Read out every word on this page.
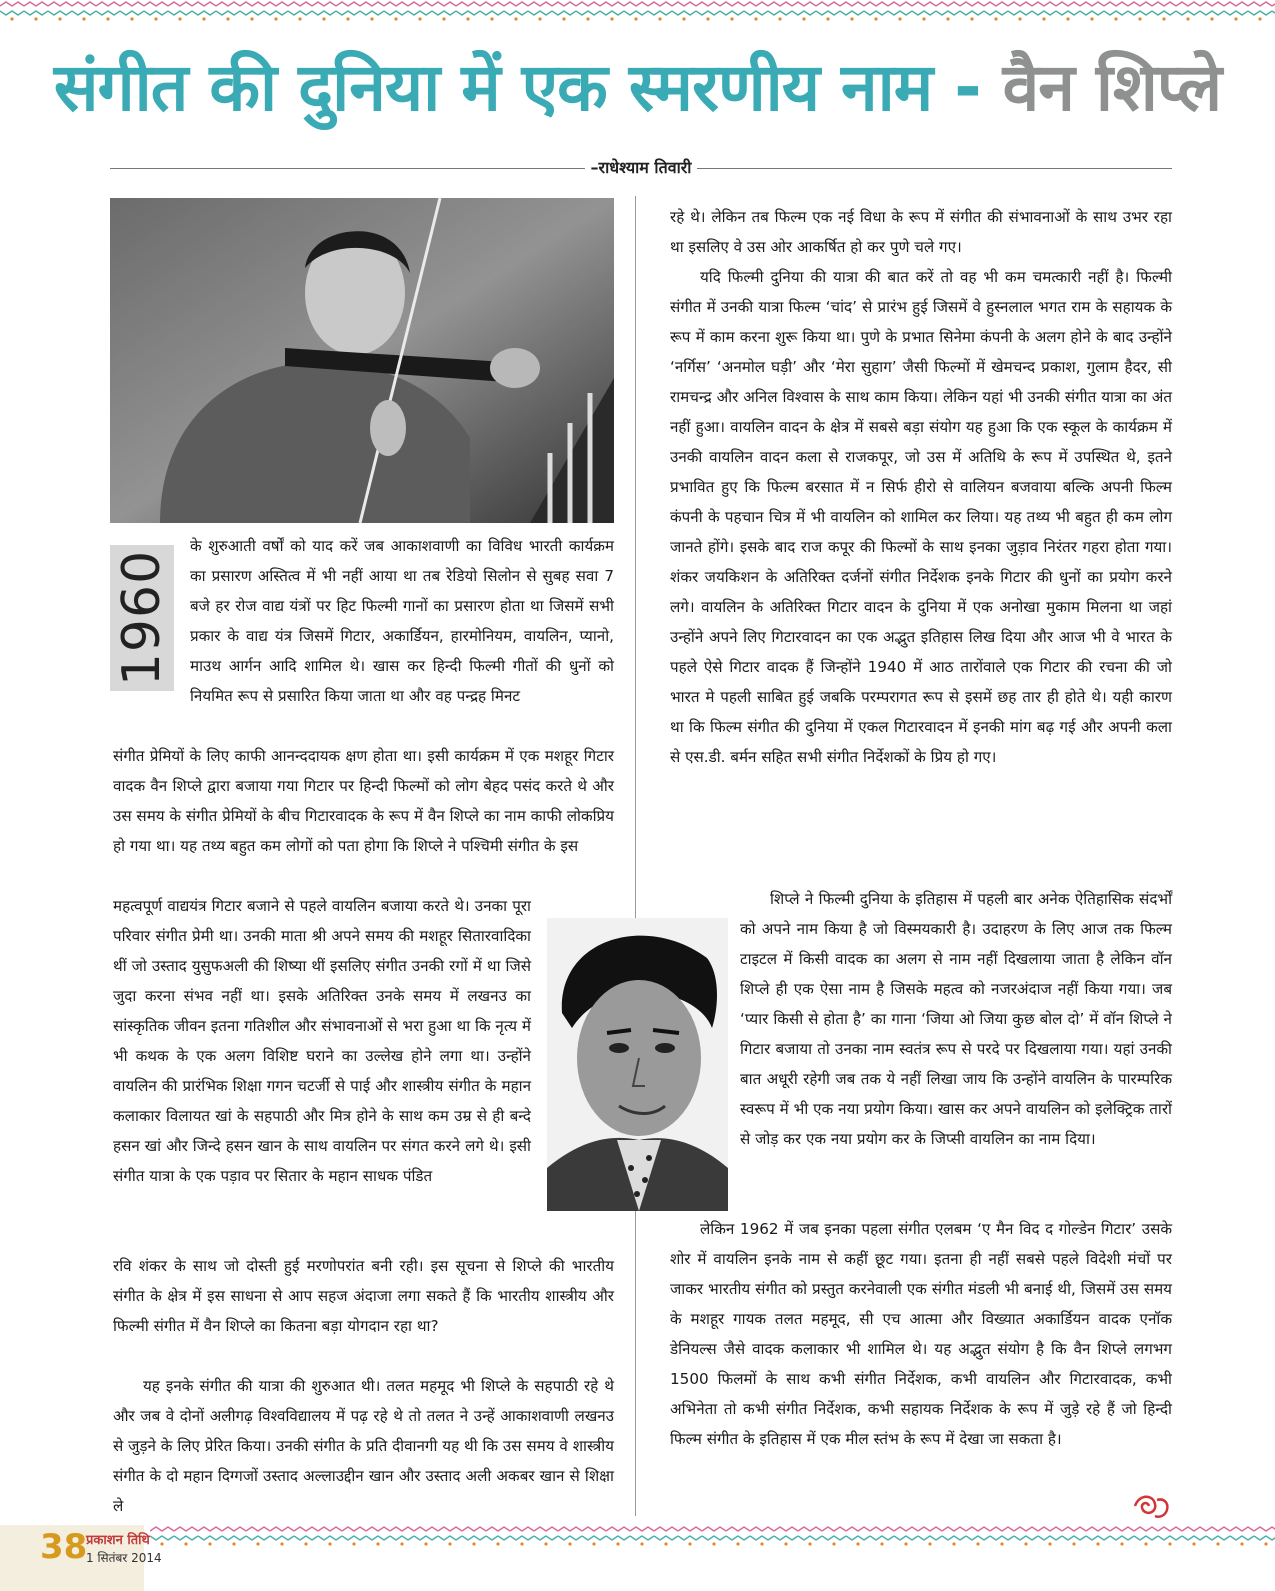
संगीत की दुनिया में एक स्मरणीय नाम - वैन शिप्ले
–राधेश्याम तिवारी
1960

के शुरुआती वर्षों को याद करें जब आकाशवाणी का विविध भारती कार्यक्रम का प्रसारण अस्तित्व में भी नहीं आया था तब रेडियो सिलोन से सुबह सवा 7 बजे हर रोज वाद्य यंत्रों पर हिट फिल्मी गानों का प्रसारण होता था जिसमें सभी प्रकार के वाद्य यंत्र जिसमें गिटार, अकार्डियन, हारमोनियम, वायलिन, प्यानो, माउथ आर्गन आदि शामिल थे। खास कर हिन्दी फिल्मी गीतों की धुनों को नियमित रूप से प्रसारित किया जाता था और वह पन्द्रह मिनट

संगीत प्रेमियों के लिए काफी आनन्ददायक क्षण होता था। इसी कार्यक्रम में एक मशहूर गिटार वादक वैन शिप्ले द्वारा बजाया गया गिटार पर हिन्दी फिल्मों को लोग बेहद पसंद करते थे और उस समय के संगीत प्रेमियों के बीच गिटारवादक के रूप में वैन शिप्ले का नाम काफी लोकप्रिय हो गया था। यह तथ्य बहुत कम लोगों को पता होगा कि शिप्ले ने पश्चिमी संगीत के इस

महत्वपूर्ण वाद्ययंत्र गिटार बजाने से पहले वायलिन बजाया करते थे। उनका पूरा परिवार संगीत प्रेमी था। उनकी माता श्री अपने समय की मशहूर सितारवादिका थीं जो उस्ताद युसुफअली की शिष्या थीं इसलिए संगीत उनकी रगों में था जिसे जुदा करना संभव नहीं था। इसके अतिरिक्त उनके समय में लखनउ का सांस्कृतिक जीवन इतना गतिशील और संभावनाओं से भरा हुआ था कि नृत्य में भी कथक के एक अलग विशिष्ट घराने का उल्लेख होने लगा था। उन्होंने वायलिन की प्रारंभिक शिक्षा गगन चटर्जी से पाई और शास्त्रीय संगीत के महान कलाकार विलायत खां के सहपाठी और मित्र होने के साथ कम उम्र से ही बन्दे हसन खां और जिन्दे हसन खान के साथ वायलिन पर संगत करने लगे थे। इसी संगीत यात्रा के एक पड़ाव पर सितार के महान साधक पंडित

रवि शंकर के साथ जो दोस्ती हुई मरणोपरांत बनी रही। इस सूचना से शिप्ले की भारतीय संगीत के क्षेत्र में इस साधना से आप सहज अंदाजा लगा सकते हैं कि भारतीय शास्त्रीय और फिल्मी संगीत में वैन शिप्ले का कितना बड़ा योगदान रहा था?

यह इनके संगीत की यात्रा की शुरुआत थी। तलत महमूद भी शिप्ले के सहपाठी रहे थे और जब वे दोनों अलीगढ़ विश्वविद्यालय में पढ़ रहे थे तो तलत ने उन्हें आकाशवाणी लखनउ से जुड़ने के लिए प्रेरित किया। उनकी संगीत के प्रति दीवानगी यह थी कि उस समय वे शास्त्रीय संगीत के दो महान दिग्गजों उस्ताद अल्लाउद्दीन खान और उस्ताद अली अकबर खान से शिक्षा ले

रहे थे। लेकिन तब फिल्म एक नई विधा के रूप में संगीत की संभावनाओं के साथ उभर रहा था इसलिए वे उस ओर आकर्षित हो कर पुणे चले गए।

यदि फिल्मी दुनिया की यात्रा की बात करें तो वह भी कम चमत्कारी नहीं है। फिल्मी संगीत में उनकी यात्रा फिल्म ‘चांद’ से प्रारंभ हुई जिसमें वे हुस्नलाल भगत राम के सहायक के रूप में काम करना शुरू किया था। पुणे के प्रभात सिनेमा कंपनी के अलग होने के बाद उन्होंने ‘नर्गिस’ ‘अनमोल घड़ी’ और ‘मेरा सुहाग’ जैसी फिल्मों में खेमचन्द प्रकाश, गुलाम हैदर, सी रामचन्द्र और अनिल विश्वास के साथ काम किया। लेकिन यहां भी उनकी संगीत यात्रा का अंत नहीं हुआ। वायलिन वादन के क्षेत्र में सबसे बड़ा संयोग यह हुआ कि एक स्कूल के कार्यक्रम में उनकी वायलिन वादन कला से राजकपूर, जो उस में अतिथि के रूप में उपस्थित थे, इतने प्रभावित हुए कि फिल्म बरसात में न सिर्फ हीरो से वालियन बजवाया बल्कि अपनी फिल्म कंपनी के पहचान चित्र में भी वायलिन को शामिल कर लिया। यह तथ्य भी बहुत ही कम लोग जानते होंगे। इसके बाद राज कपूर की फिल्मों के साथ इनका जुड़ाव निरंतर गहरा होता गया। शंकर जयकिशन के अतिरिक्त दर्जनों संगीत निर्देशक इनके गिटार की धुनों का प्रयोग करने लगे। वायलिन के अतिरिक्त गिटार वादन के दुनिया में एक अनोखा मुकाम मिलना था जहां उन्होंने अपने लिए गिटारवादन का एक अद्भुत इतिहास लिख दिया और आज भी वे भारत के पहले ऐसे गिटार वादक हैं जिन्होंने 1940 में आठ तारोंवाले एक गिटार की रचना की जो भारत मे पहली साबित हुई जबकि परम्परागत रूप से इसमें छह तार ही होते थे। यही कारण था कि फिल्म संगीत की दुनिया में एकल गिटारवादन में इनकी मांग बढ़ गई और अपनी कला से एस.डी. बर्मन सहित सभी संगीत निर्देशकों के प्रिय हो गए।

शिप्ले ने फिल्मी दुनिया के इतिहास में पहली बार अनेक ऐतिहासिक संदर्भों को अपने नाम किया है जो विस्मयकारी है। उदाहरण के लिए आज तक फिल्म टाइटल में किसी वादक का अलग से नाम नहीं दिखलाया जाता है लेकिन वॉन शिप्ले ही एक ऐसा नाम है जिसके महत्व को नजरअंदाज नहीं किया गया। जब ‘प्यार किसी से होता है’ का गाना ‘जिया ओ जिया कुछ बोल दो’ में वॉन शिप्ले ने गिटार बजाया तो उनका नाम स्वतंत्र रूप से परदे पर दिखलाया गया। यहां उनकी बात अधूरी रहेगी जब तक ये नहीं लिखा जाय कि उन्होंने वायलिन के पारम्परिक स्वरूप में भी एक नया प्रयोग किया। खास कर अपने वायलिन को इलेक्ट्रिक तारों से जोड़ कर एक नया प्रयोग कर के जिप्सी वायलिन का नाम दिया।

लेकिन 1962 में जब इनका पहला संगीत एलबम ‘ए मैन विद द गोल्डेन गिटार’ उसके शोर में वायलिन इनके नाम से कहीं छूट गया। इतना ही नहीं सबसे पहले विदेशी मंचों पर जाकर भारतीय संगीत को प्रस्तुत करनेवाली एक संगीत मंडली भी बनाई थी, जिसमें उस समय के मशहूर गायक तलत महमूद, सी एच आत्मा और विख्यात अकार्डियन वादक एनॉक डेनियल्स जैसे वादक कलाकार भी शामिल थे। यह अद्भुत संयोग है कि वैन शिप्ले लगभग 1500 फिलमों के साथ कभी संगीत निर्देशक, कभी वायलिन और गिटारवादक, कभी अभिनेता तो कभी संगीत निर्देशक, कभी सहायक निर्देशक के रूप में जुड़े रहे हैं जो हिन्दी फिल्म संगीत के इतिहास में एक मील स्तंभ के रूप में देखा जा सकता है।

38
प्रकाशन तिथि
1 सितंबर 2014
